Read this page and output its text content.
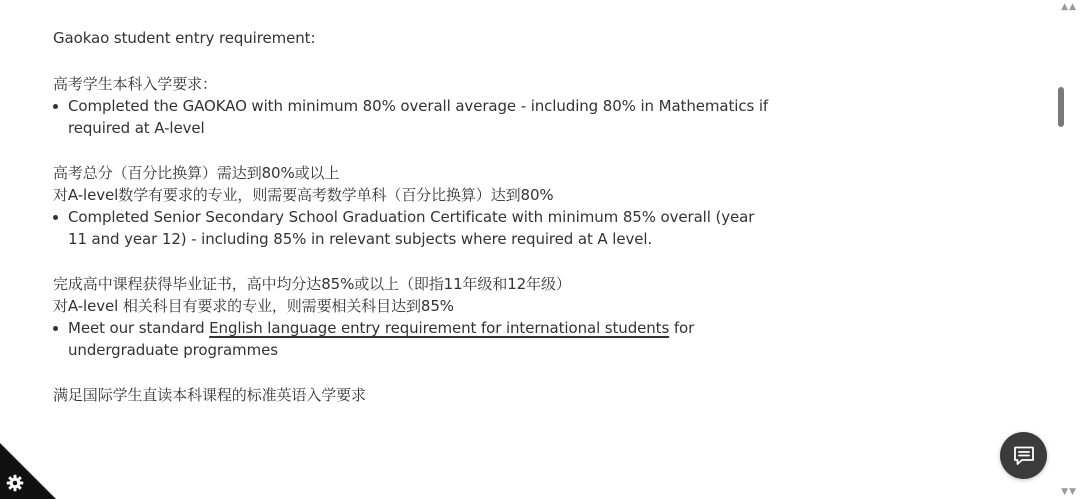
Gaokao student entry requirement:

高考学生本科入学要求：

Completed the GAOKAO with minimum 80% overall average - including 80% in Mathematics if required at A-level

高考总分（百分比换算）需达到80%或以上

对A-level数学有要求的专业，则需要高考数学单科（百分比换算）达到80%

Completed Senior Secondary School Graduation Certificate with minimum 85% overall (year 11 and year 12) - including 85% in relevant subjects where required at A level.

完成高中课程获得毕业证书，高中均分达85%或以上（即指11年级和12年级）

对A-level 相关科目有要求的专业，则需要相关科目达到85%

Meet our standard English language entry requirement for international students for undergraduate programmes

满足国际学生直读本科课程的标准英语入学要求

▲▲
▼▼
